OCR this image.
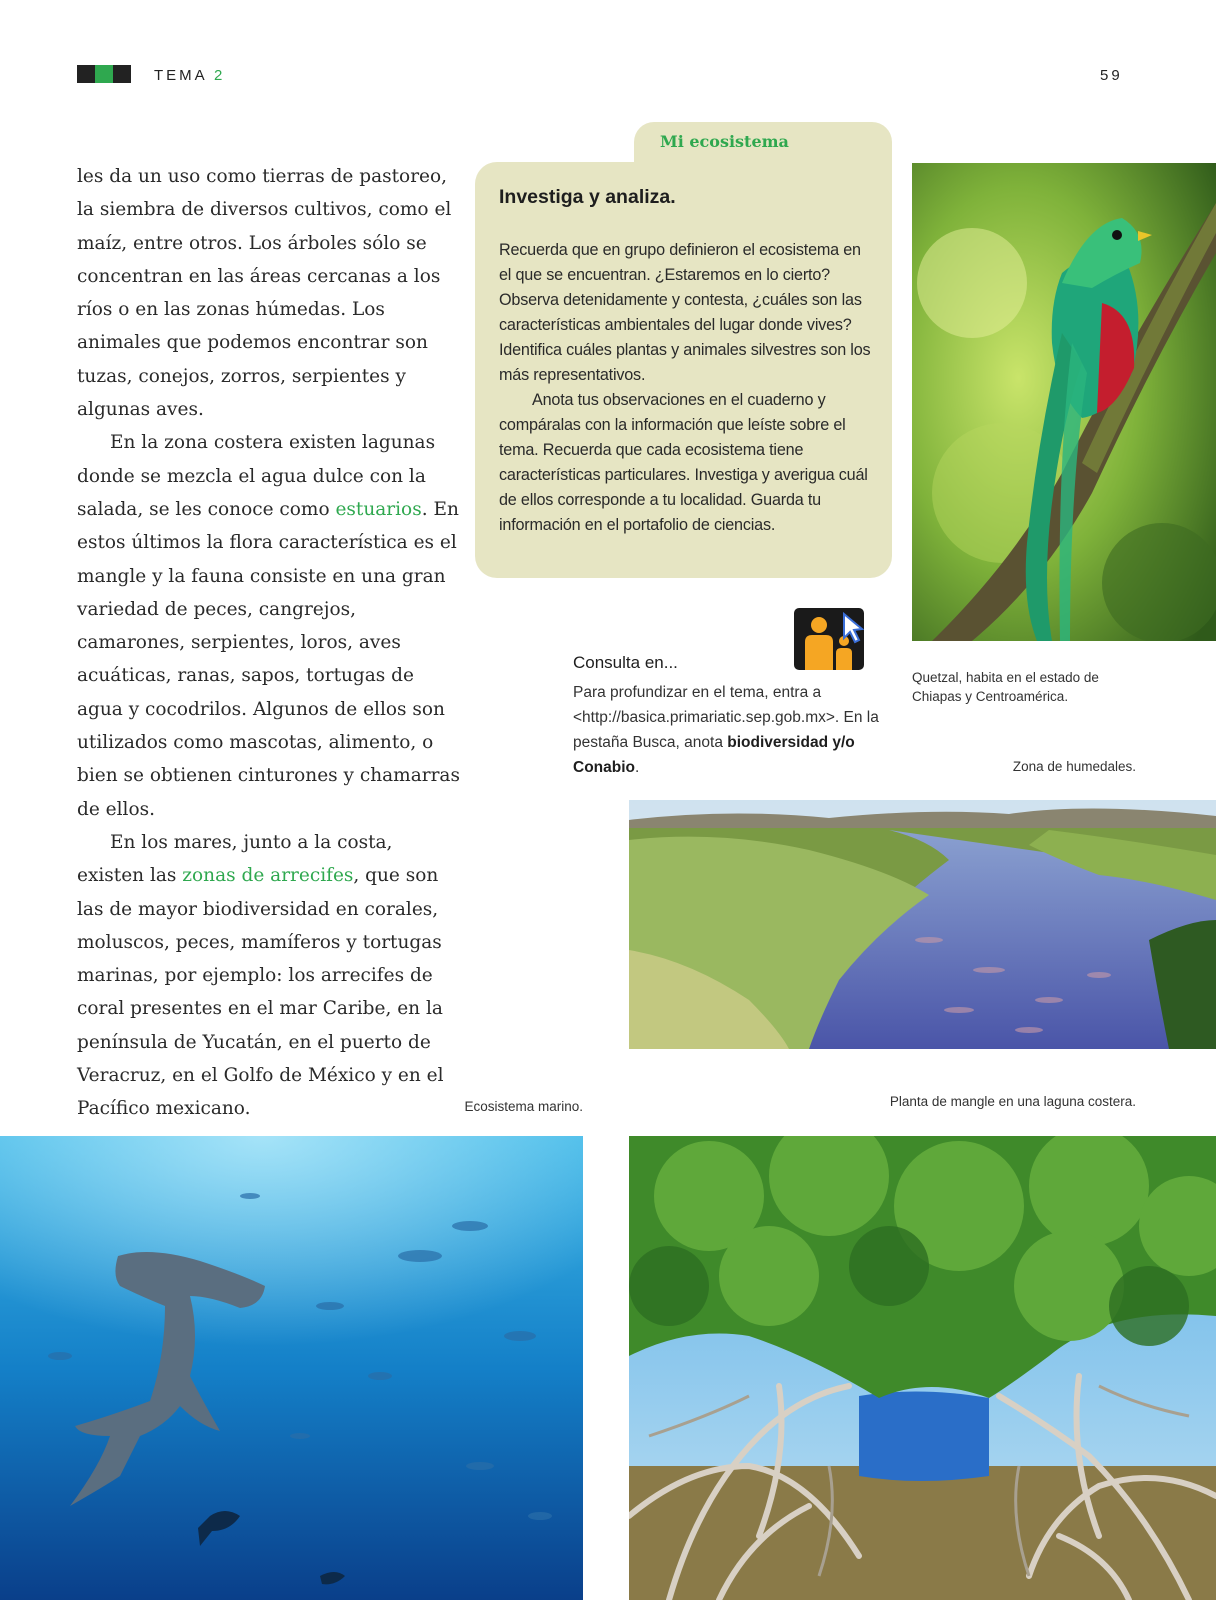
TEMA 2	59

les da un uso como tierras de pastoreo, la siembra de diversos cultivos, como el maíz, entre otros. Los árboles sólo se concentran en las áreas cercanas a los ríos o en las zonas húmedas. Los animales que podemos encontrar son tuzas, conejos, zorros, serpientes y algunas aves.

En la zona costera existen lagunas donde se mezcla el agua dulce con la salada, se les conoce como estuarios. En estos últimos la flora característica es el mangle y la fauna consiste en una gran variedad de peces, cangrejos, camarones, serpientes, loros, aves acuáticas, ranas, sapos, tortugas de agua y cocodrilos. Algunos de ellos son utilizados como mascotas, alimento, o bien se obtienen cinturones y chamarras de ellos.

En los mares, junto a la costa, existen las zonas de arrecifes, que son las de mayor biodiversidad en corales, moluscos, peces, mamíferos y tortugas marinas, por ejemplo: los arrecifes de coral presentes en el mar Caribe, en la península de Yucatán, en el puerto de Veracruz, en el Golfo de México y en el Pacífico mexicano.

Mi ecosistema
Investiga y analiza.

Recuerda que en grupo definieron el ecosistema en el que se encuentran. ¿Estaremos en lo cierto? Observa detenidamente y contesta, ¿cuáles son las características ambientales del lugar donde vives? Identifica cuáles plantas y animales silvestres son los más representativos.

Anota tus observaciones en el cuaderno y compáralas con la información que leíste sobre el tema. Recuerda que cada ecosistema tiene características particulares. Investiga y averigua cuál de ellos corresponde a tu localidad. Guarda tu información en el portafolio de ciencias.

Quetzal, habita en el estado de Chiapas y Centroamérica.
Consulta en...
Para profundizar en el tema, entra a <http://basica.primariatic.sep.gob.mx>. En la pestaña Busca, anota biodiversidad y/o Conabio.	Zona de humedales.
Ecosistema marino.	Planta de mangle en una laguna costera.
